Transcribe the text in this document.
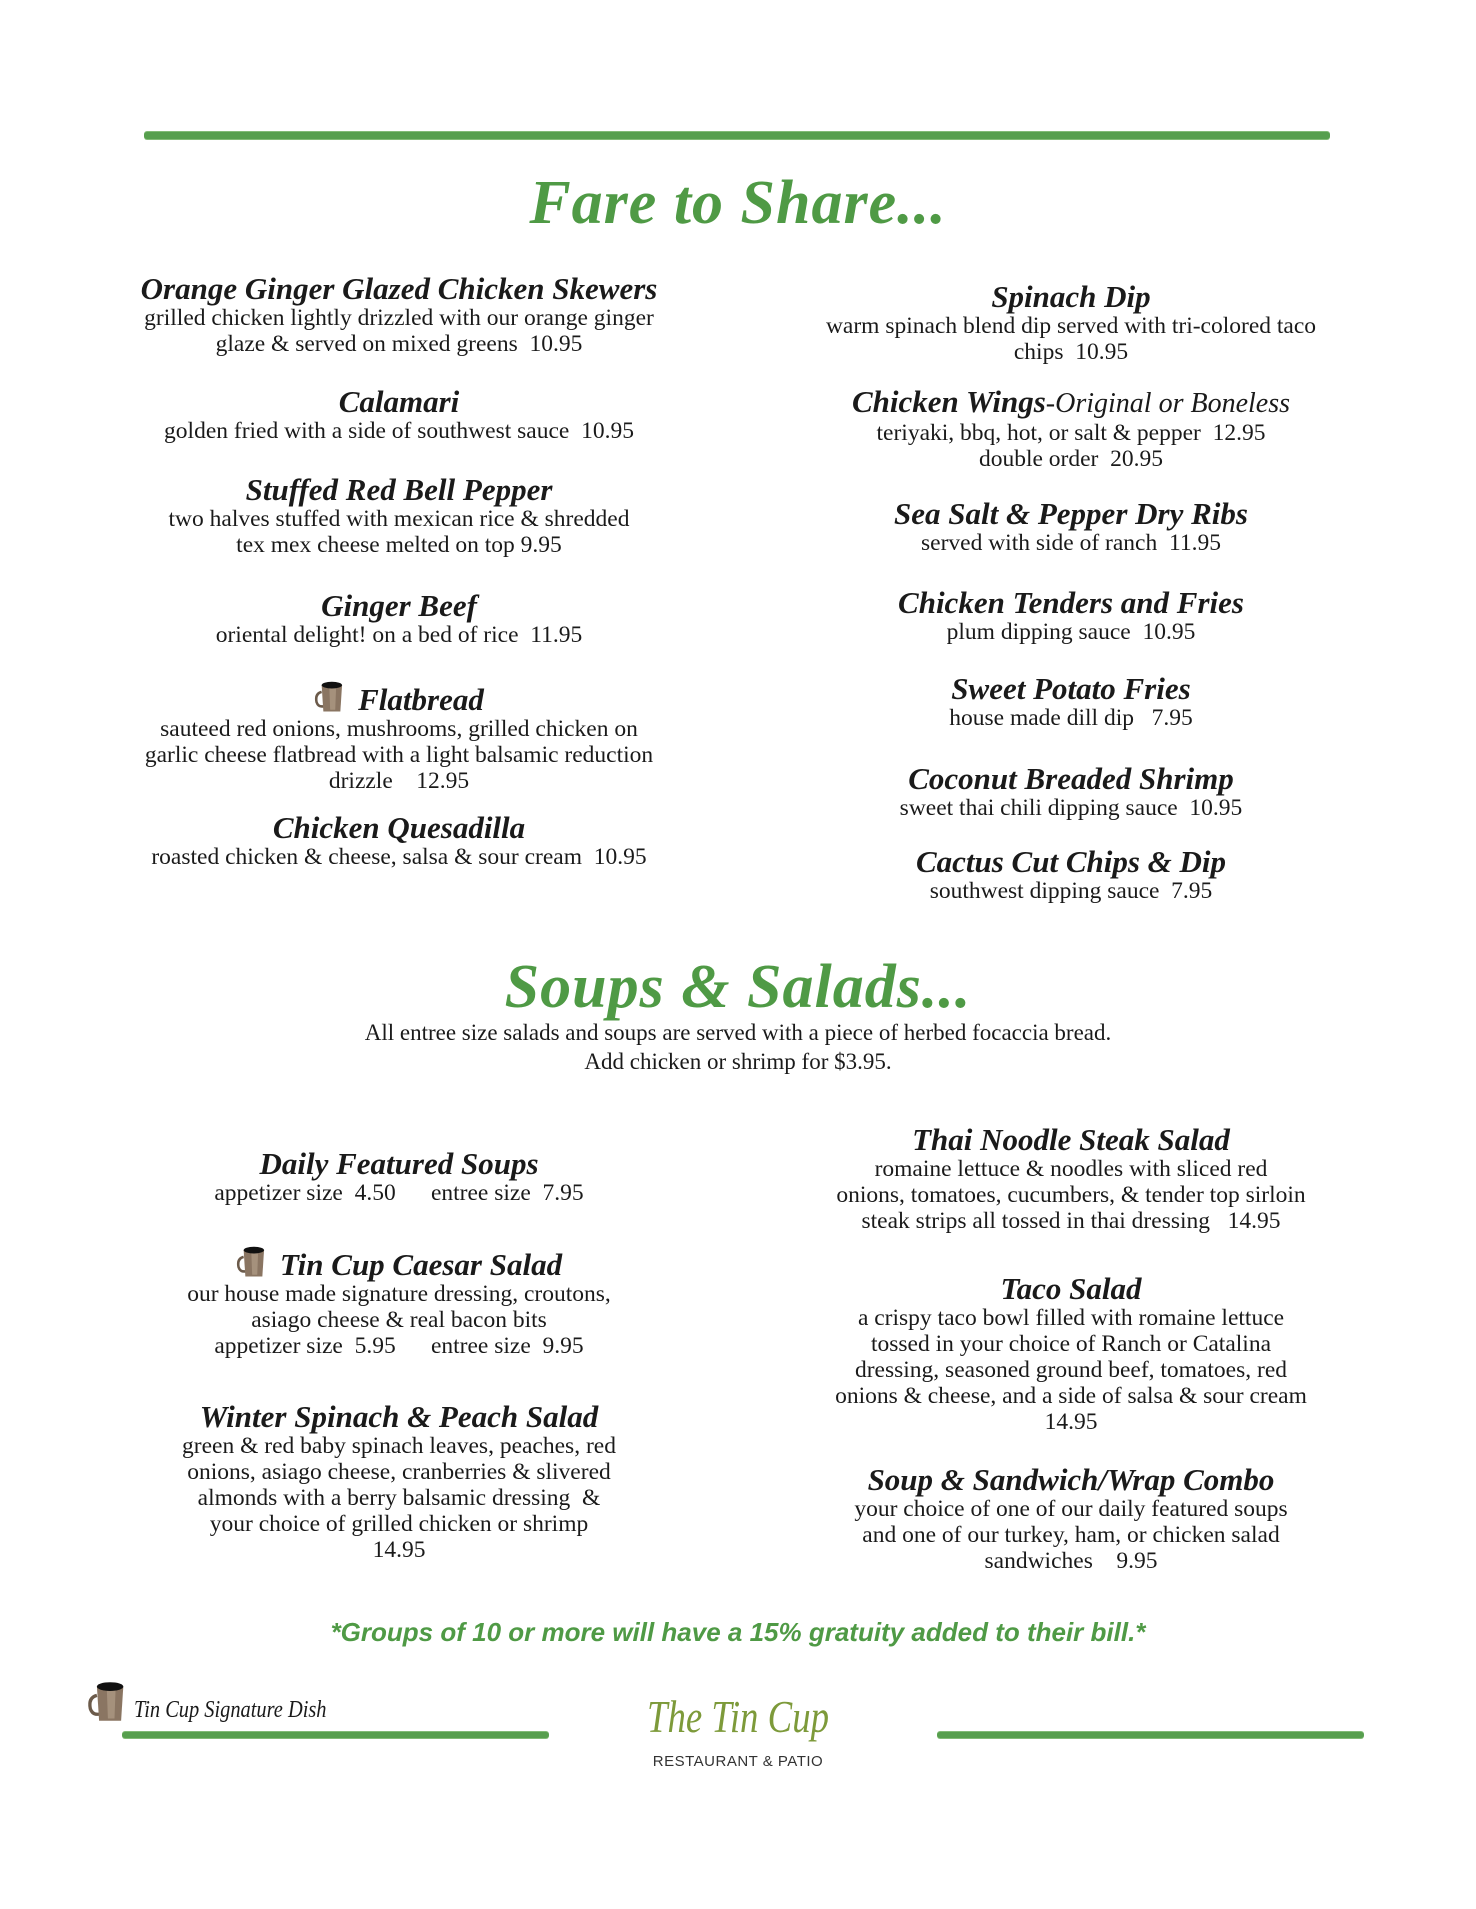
Fare to Share...
Orange Ginger Glazed Chicken Skewers
grilled chicken lightly drizzled with our orange ginger
glaze & served on mixed greens  10.95
Calamari
golden fried with a side of southwest sauce  10.95
Stuffed Red Bell Pepper
two halves stuffed with mexican rice & shredded
tex mex cheese melted on top 9.95
Ginger Beef
oriental delight! on a bed of rice  11.95
Flatbread
sauteed red onions, mushrooms, grilled chicken on
garlic cheese flatbread with a light balsamic reduction
drizzle    12.95
Chicken Quesadilla
roasted chicken & cheese, salsa & sour cream  10.95
Spinach Dip
warm spinach blend dip served with tri-colored taco
chips  10.95
Chicken Wings-Original or Boneless
teriyaki, bbq, hot, or salt & pepper  12.95
double order  20.95
Sea Salt & Pepper Dry Ribs
served with side of ranch  11.95
Chicken Tenders and Fries
plum dipping sauce  10.95
Sweet Potato Fries
house made dill dip   7.95
Coconut Breaded Shrimp
sweet thai chili dipping sauce  10.95
Cactus Cut Chips & Dip
southwest dipping sauce  7.95
Soups & Salads...
All entree size salads and soups are served with a piece of herbed focaccia bread.
Add chicken or shrimp for $3.95.
Daily Featured Soups
appetizer size  4.50      entree size  7.95
Tin Cup Caesar Salad
our house made signature dressing, croutons,
asiago cheese & real bacon bits
appetizer size  5.95      entree size  9.95
Winter Spinach & Peach Salad
green & red baby spinach leaves, peaches, red
onions, asiago cheese, cranberries & slivered
almonds with a berry balsamic dressing  &
your choice of grilled chicken or shrimp
14.95
Thai Noodle Steak Salad
romaine lettuce & noodles with sliced red
onions, tomatoes, cucumbers, & tender top sirloin
steak strips all tossed in thai dressing   14.95
Taco Salad
a crispy taco bowl filled with romaine lettuce
tossed in your choice of Ranch or Catalina
dressing, seasoned ground beef, tomatoes, red
onions & cheese, and a side of salsa & sour cream
14.95
Soup & Sandwich/Wrap Combo
your choice of one of our daily featured soups
and one of our turkey, ham, or chicken salad
sandwiches    9.95
*Groups of 10 or more will have a 15% gratuity added to their bill.*
Tin Cup Signature Dish	The Tin Cup
RESTAURANT & PATIO
